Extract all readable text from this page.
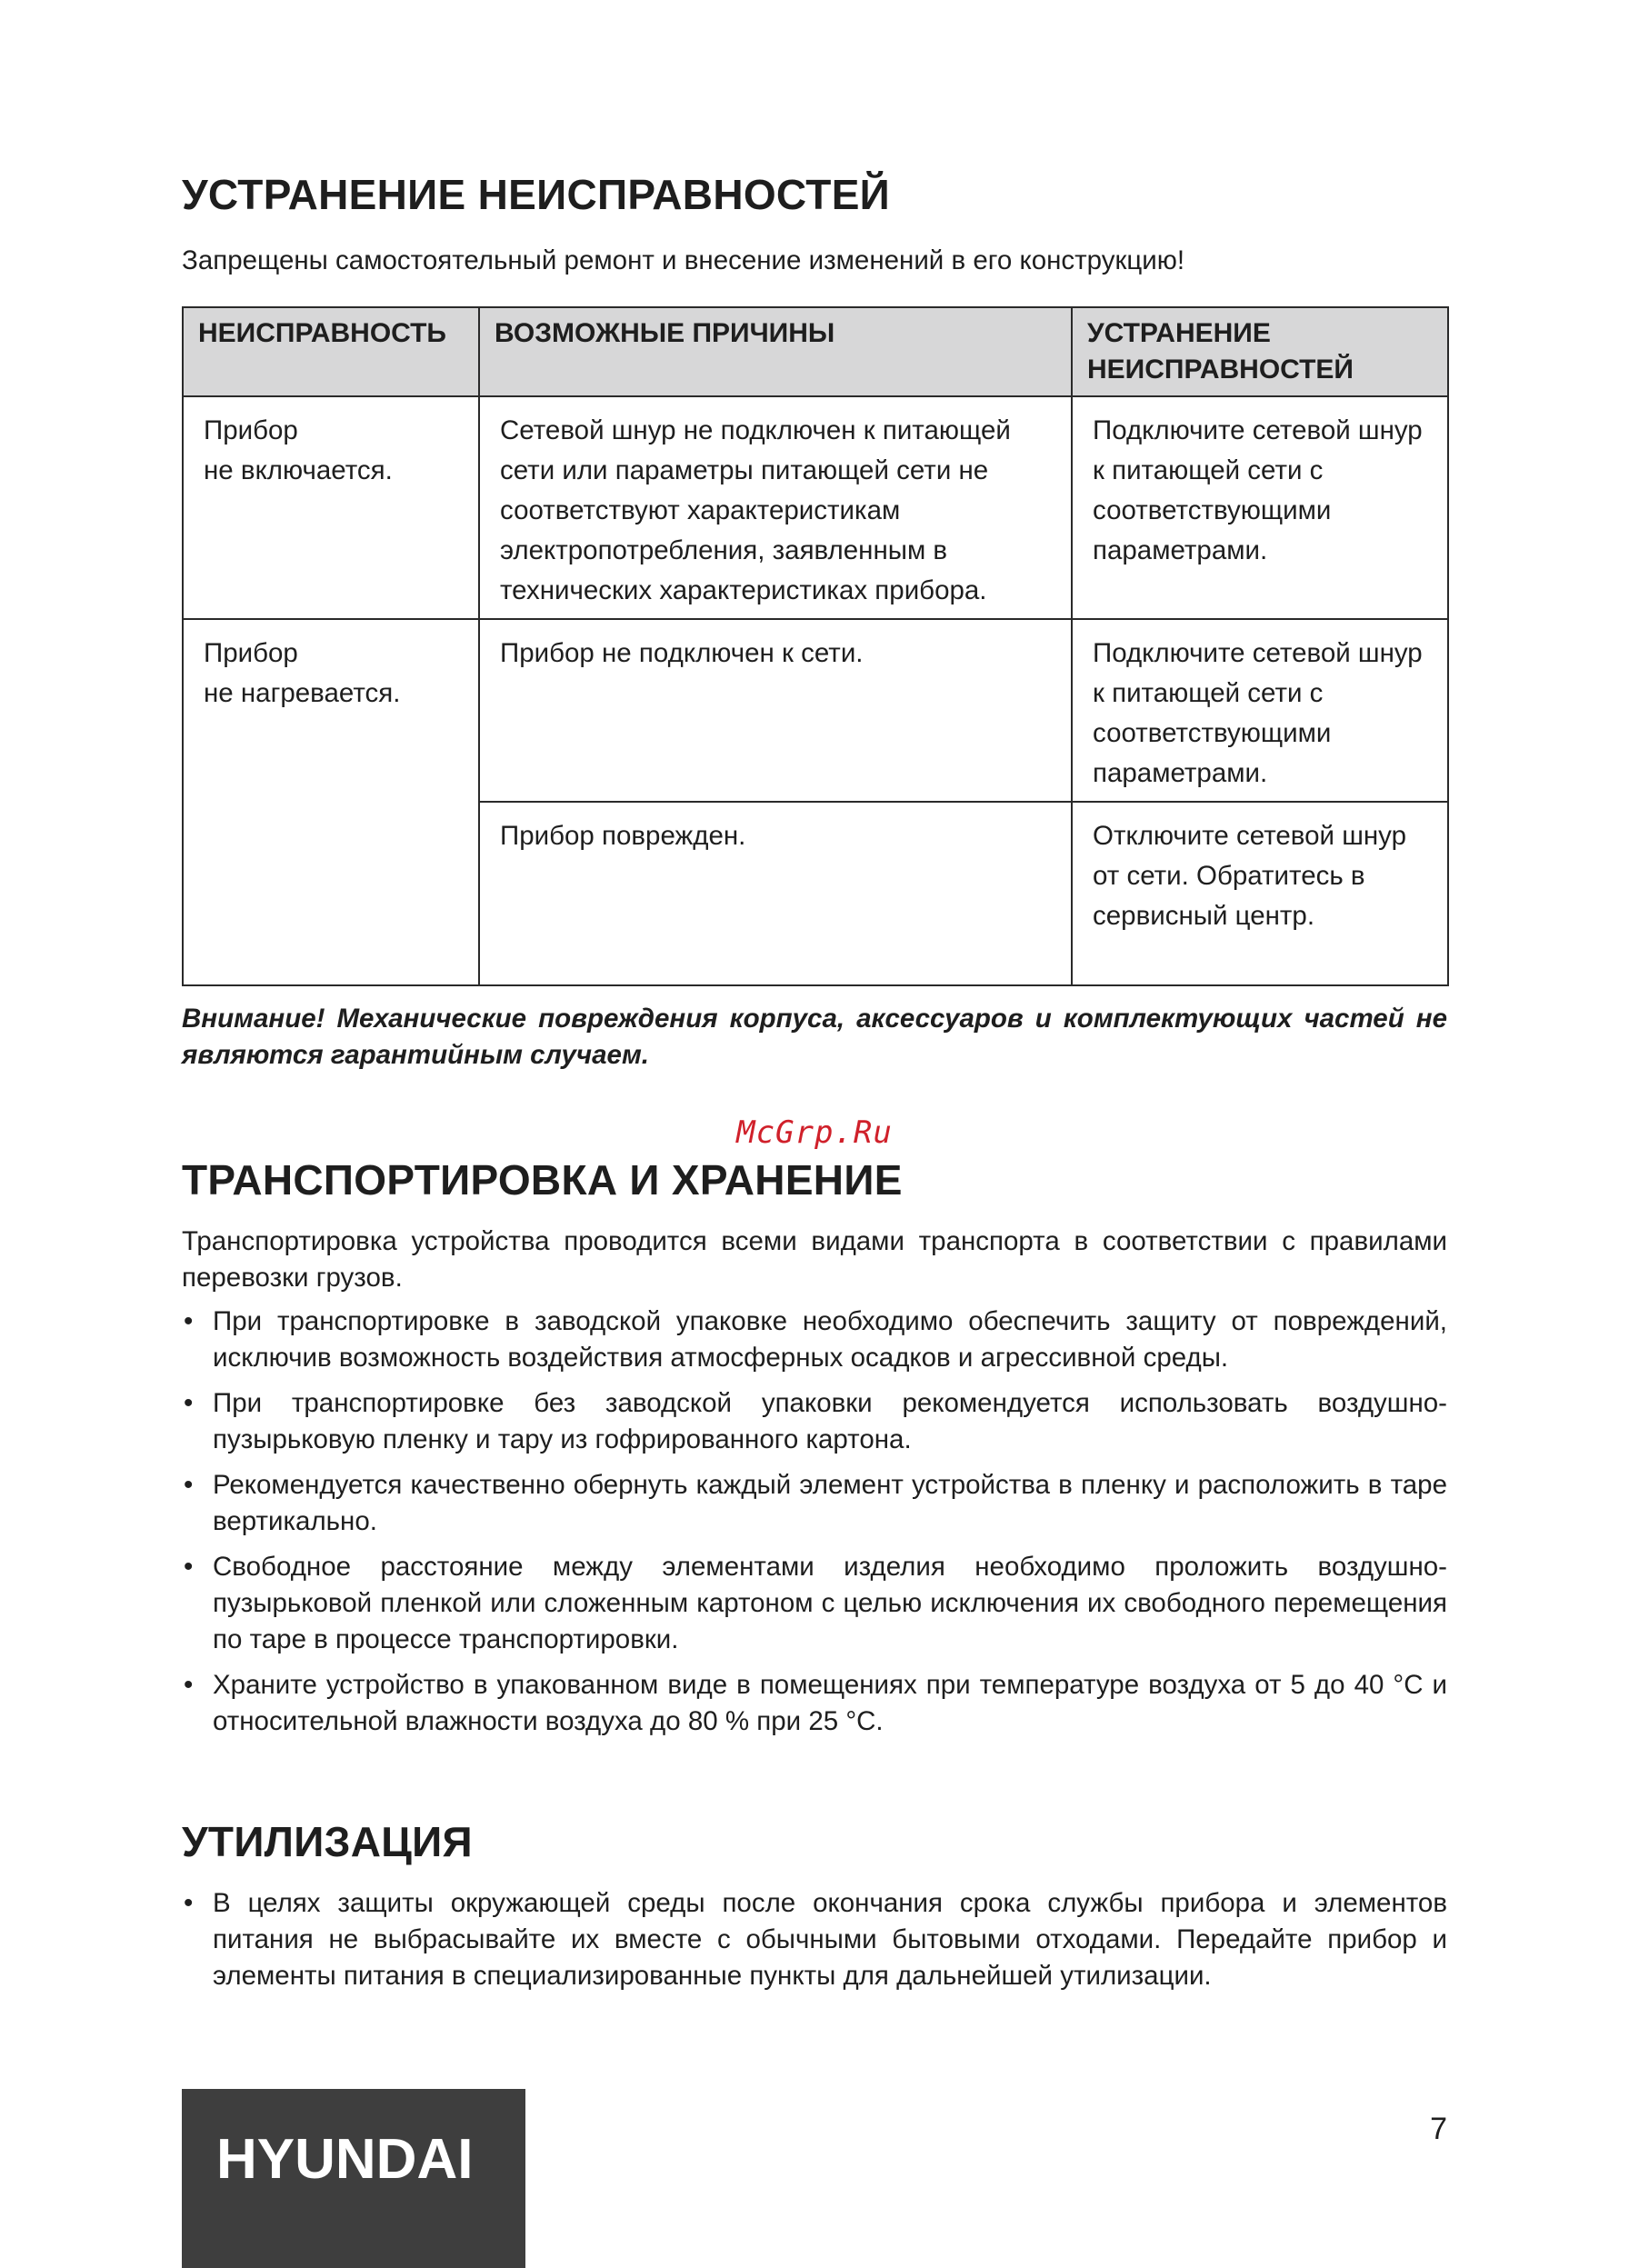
УСТРАНЕНИЕ НЕИСПРАВНОСТЕЙ

Запрещены самостоятельный ремонт и внесение изменений в его конструкцию!

НЕИСПРАВНОСТЬ	ВОЗМОЖНЫЕ ПРИЧИНЫ	УСТРАНЕНИЕ НЕИСПРАВНОСТЕЙ

Прибор
не включается.	Сетевой шнур не подключен к питающей сети или параметры питающей сети не соответствуют характеристикам электропотребления, заявленным в технических характеристиках прибора.	Подключите сетевой шнур к питающей сети с соответствующими параметрами.

Прибор
не нагревается.	Прибор не подключен к сети.	Подключите сетевой шнур к питающей сети с соответствующими параметрами.

	Прибор поврежден.	Отключите сетевой шнур от сети. Обратитесь в сервисный центр.

Внимание! Механические повреждения корпуса, аксессуаров и комплектующих частей не являются гарантийным случаем.

McGrp.Ru
ТРАНСПОРТИРОВКА И ХРАНЕНИЕ

Транспортировка устройства проводится всеми видами транспорта в соответствии с правилами перевозки грузов.

• При транспортировке в заводской упаковке необходимо обеспечить защиту от повреждений, исключив возможность воздействия атмосферных осадков и агрессивной среды.
• При транспортировке без заводской упаковки рекомендуется использовать воздушно-пузырьковую пленку и тару из гофрированного картона.
• Рекомендуется качественно обернуть каждый элемент устройства в пленку и расположить в таре вертикально.
• Свободное расстояние между элементами изделия необходимо проложить воздушно-пузырьковой пленкой или сложенным картоном с целью исключения их свободного перемещения по таре в процессе транспортировки.
• Храните устройство в упакованном виде в помещениях при температуре воздуха от 5 до 40 °С и относительной влажности воздуха до 80 % при 25 °С.
УТИЛИЗАЦИЯ
• В целях защиты окружающей среды после окончания срока службы прибора и элементов питания не выбрасывайте их вместе с обычными бытовыми отходами. Передайте прибор и элементы питания в специализированные пункты для дальнейшей утилизации.
HYUNDAI	7
